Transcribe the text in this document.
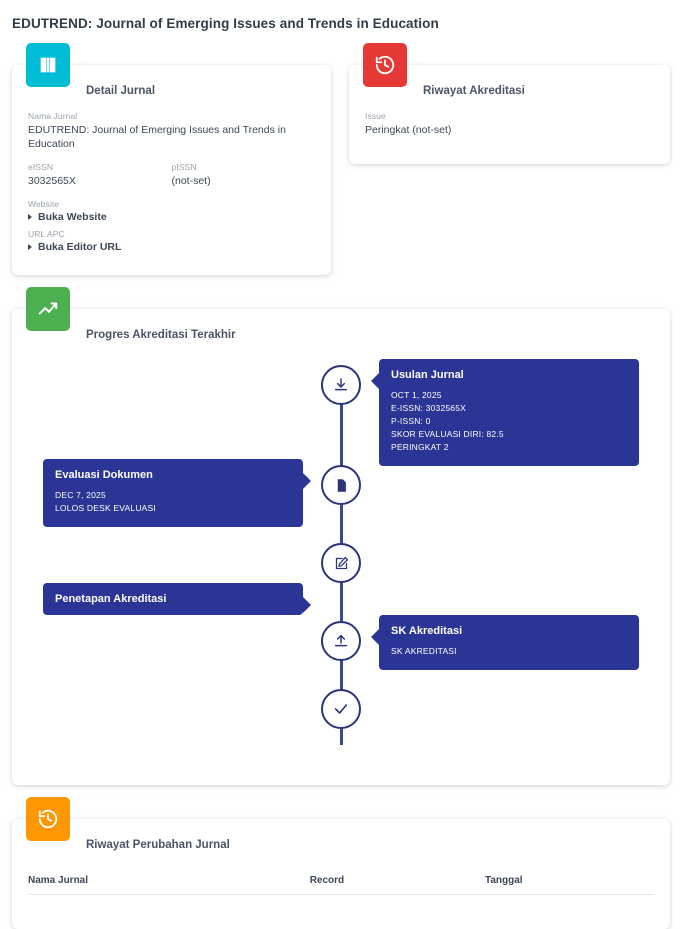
EDUTREND: Journal of Emerging Issues and Trends in Education
Detail Jurnal
Nama Jurnal
EDUTREND: Journal of Emerging Issues and Trends in Education
eISSN
3032565X
pISSN
(not-set)
Website
Buka Website
URL APC
Buka Editor URL
Riwayat Akreditasi
Issue
Peringkat (not-set)
Progres Akreditasi Terakhir
Usulan Jurnal
OCT 1, 2025
E-ISSN: 3032565X
P-ISSN: 0
SKOR EVALUASI DIRI: 82.5
PERINGKAT 2
Evaluasi Dokumen
DEC 7, 2025
LOLOS DESK EVALUASI
Penetapan Akreditasi
SK Akreditasi
SK AKREDITASI
Riwayat Perubahan Jurnal
Nama Jurnal	Record	Tanggal
